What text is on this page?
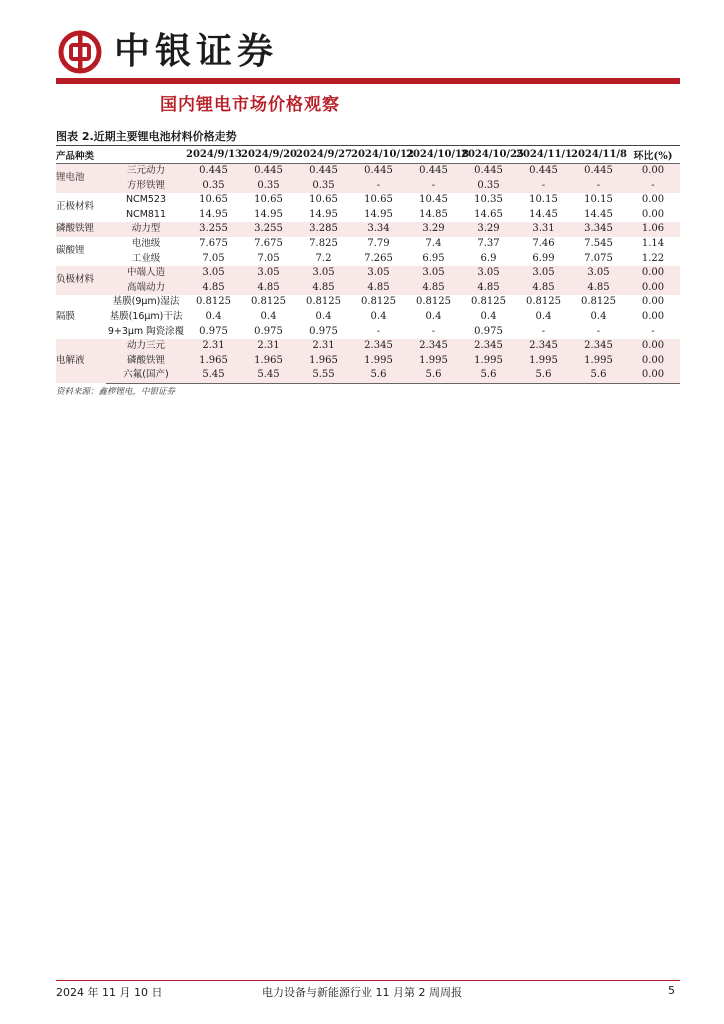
中银证券
国内锂电市场价格观察
图表 2.近期主要锂电池材料价格走势
产品种类		2024/9/13	2024/9/20	2024/9/27	2024/10/12	2024/10/18	2024/10/25	2024/11/1	2024/11/8	环比(%)
锂电池	三元动力	0.445	0.445	0.445	0.445	0.445	0.445	0.445	0.445	0.00
	方形铁锂	0.35	0.35	0.35	-	-	0.35	-	-	-
正极材料	NCM523	10.65	10.65	10.65	10.65	10.45	10.35	10.15	10.15	0.00
	NCM811	14.95	14.95	14.95	14.95	14.85	14.65	14.45	14.45	0.00
磷酸铁锂	动力型	3.255	3.255	3.285	3.34	3.29	3.29	3.31	3.345	1.06
碳酸锂	电池级	7.675	7.675	7.825	7.79	7.4	7.37	7.46	7.545	1.14
	工业级	7.05	7.05	7.2	7.265	6.95	6.9	6.99	7.075	1.22
负极材料	中端人造	3.05	3.05	3.05	3.05	3.05	3.05	3.05	3.05	0.00
	高端动力	4.85	4.85	4.85	4.85	4.85	4.85	4.85	4.85	0.00
隔膜	基膜(9μm)湿法	0.8125	0.8125	0.8125	0.8125	0.8125	0.8125	0.8125	0.8125	0.00
	基膜(16μm)干法	0.4	0.4	0.4	0.4	0.4	0.4	0.4	0.4	0.00
	9+3μm 陶瓷涂覆	0.975	0.975	0.975	-	-	0.975	-	-	-
电解液	动力三元	2.31	2.31	2.31	2.345	2.345	2.345	2.345	2.345	0.00
	磷酸铁锂	1.965	1.965	1.965	1.995	1.995	1.995	1.995	1.995	0.00
	六氟(国产)	5.45	5.45	5.55	5.6	5.6	5.6	5.6	5.6	0.00
资料来源：鑫椤锂电，中银证券
2024 年 11 月 10 日	电力设备与新能源行业 11 月第 2 周周报	5
